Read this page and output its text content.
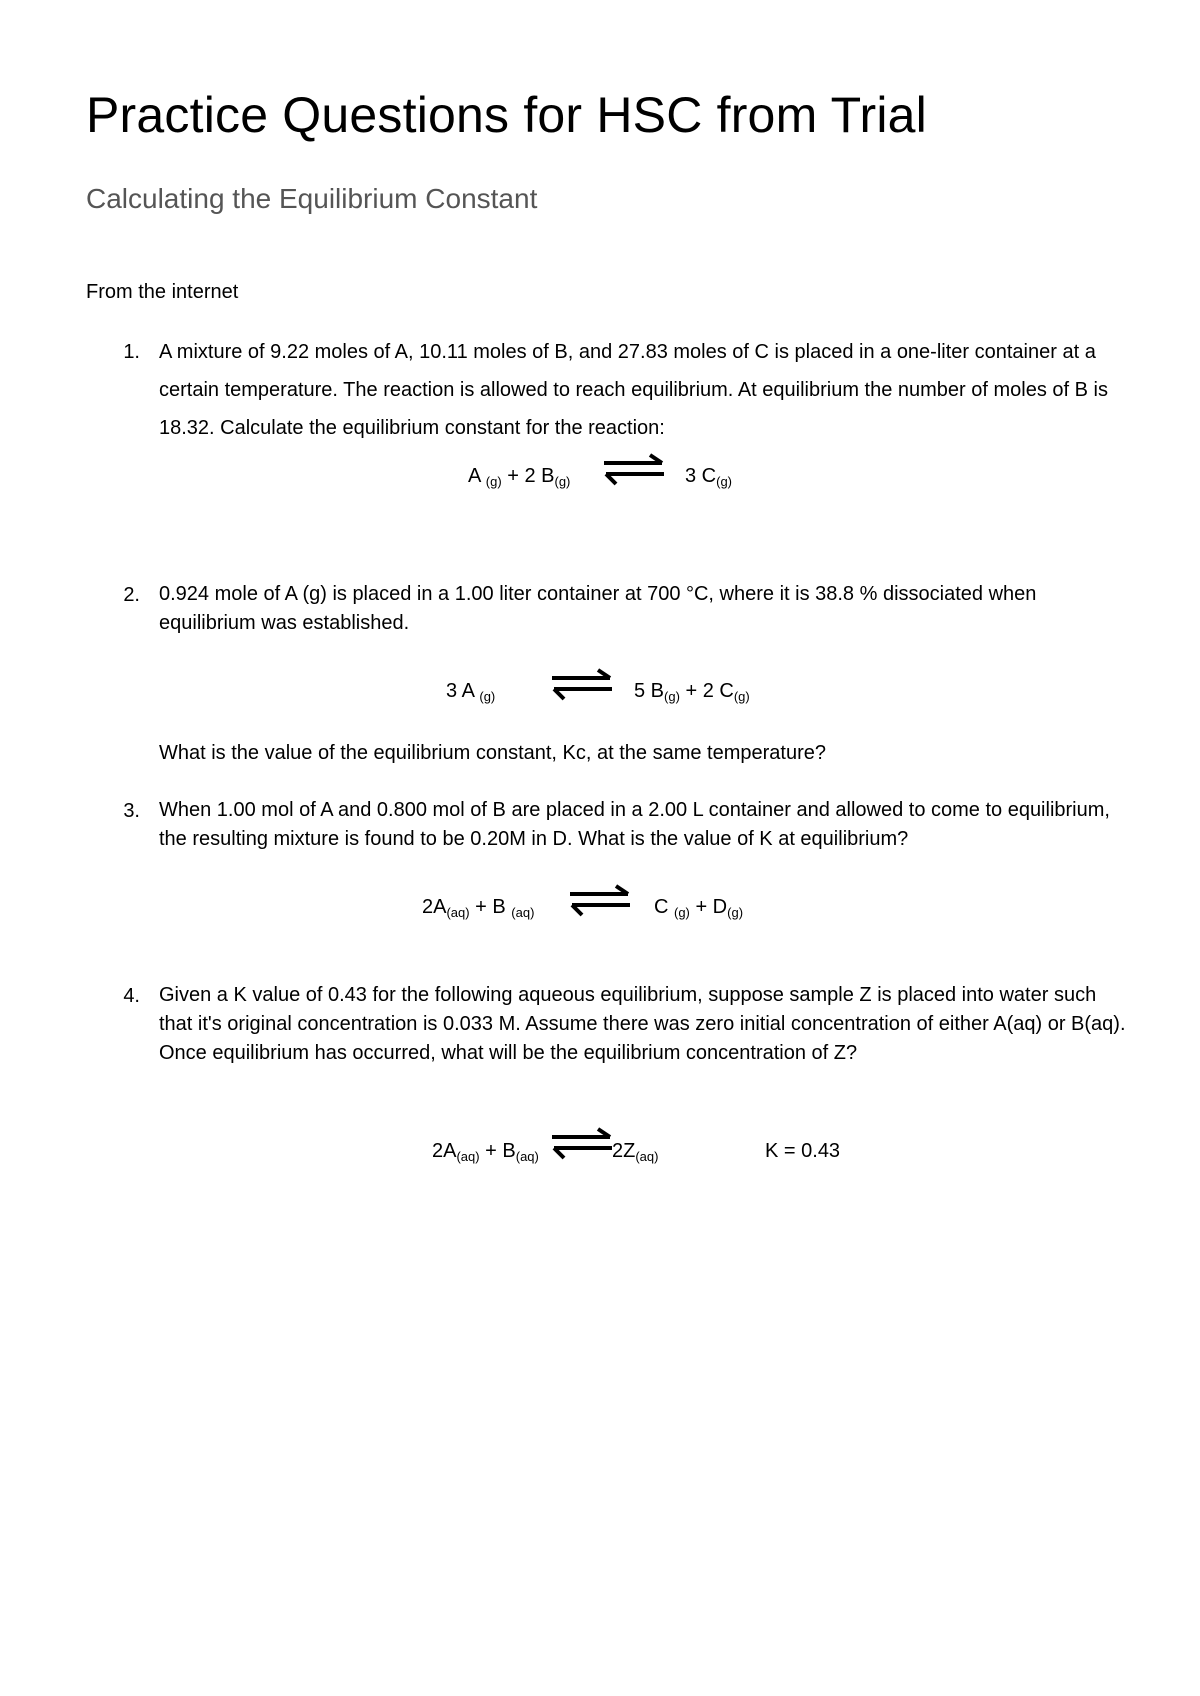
Practice Questions for HSC from Trial
Calculating the Equilibrium Constant
From the internet
1. A mixture of 9.22 moles of A, 10.11 moles of B, and 27.83 moles of C is placed in a one-liter container at a certain temperature. The reaction is allowed to reach equilibrium. At equilibrium the number of moles of B is 18.32. Calculate the equilibrium constant for the reaction:
A $_{(g)}$ + 2 $B_{(g)}$	3 $C_{(g)}$
2. 0.924 mole of A (g) is placed in a 1.00 liter container at 700 °C, where it is 38.8 % dissociated when equilibrium was established.
3 A $_{(g)}$	5 $B_{(g)} + 2$ $C_{(g)}$
What is the value of the equilibrium constant, Kc, at the same temperature?
3. When 1.00 mol of A and 0.800 mol of B are placed in a 2.00 L container and allowed to come to equilibrium, the resulting mixture is found to be 0.20M in D. What is the value of K at equilibrium?
$2A_{(aq)} + B$ $_{(aq)}$	C $_{(g)} + D_{(g)}$
4. Given a K value of 0.43 for the following aqueous equilibrium, suppose sample Z is placed into water such that it's original concentration is 0.033 M. Assume there was zero initial concentration of either A(aq) or B(aq). Once equilibrium has occurred, what will be the equilibrium concentration of Z?
$2A_{(aq)} + B_{(aq)}$	$2Z_{(aq)}$	K = 0.43
